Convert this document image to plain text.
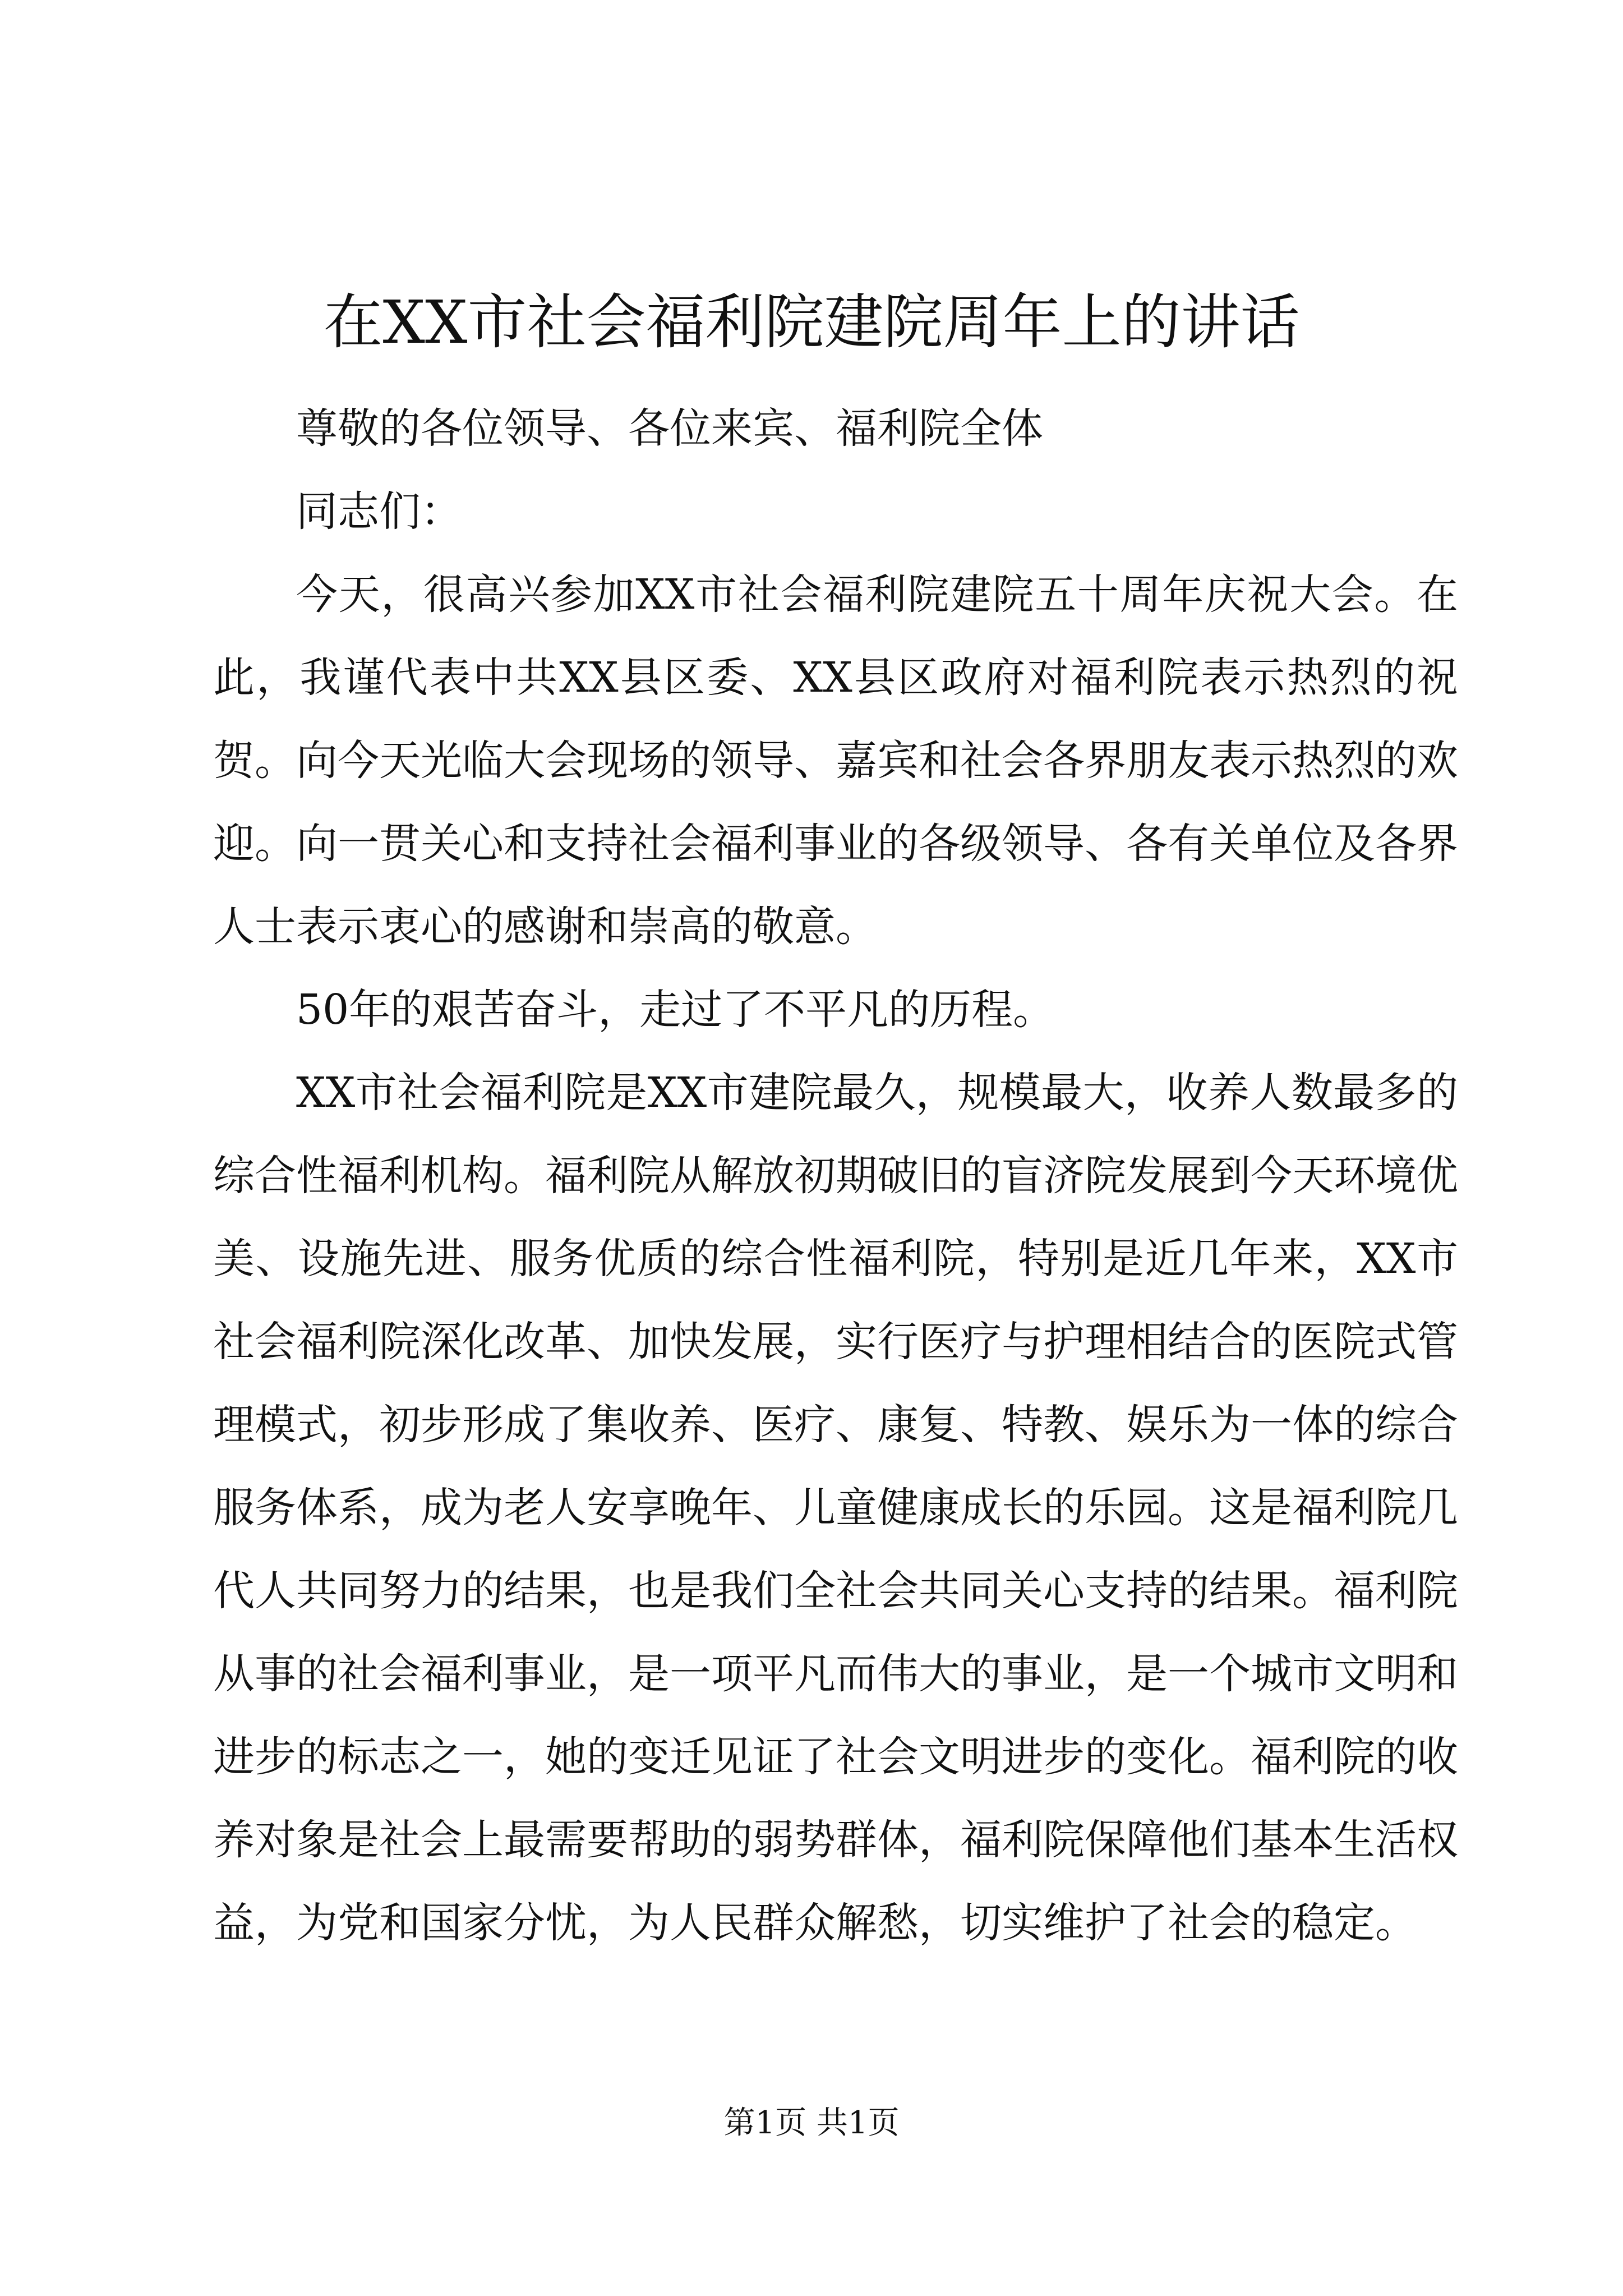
在XX市社会福利院建院周年上的讲话

尊敬的各位领导、各位来宾、福利院全体

同志们：

今天，很高兴参加XX市社会福利院建院五十周年庆祝大会。在此，我谨代表中共XX县区委、XX县区政府对福利院表示热烈的祝贺。向今天光临大会现场的领导、嘉宾和社会各界朋友表示热烈的欢迎。向一贯关心和支持社会福利事业的各级领导、各有关单位及各界人士表示衷心的感谢和崇高的敬意。

50年的艰苦奋斗，走过了不平凡的历程。

XX市社会福利院是XX市建院最久，规模最大，收养人数最多的综合性福利机构。福利院从解放初期破旧的盲济院发展到今天环境优美、设施先进、服务优质的综合性福利院，特别是近几年来，XX市社会福利院深化改革、加快发展，实行医疗与护理相结合的医院式管理模式，初步形成了集收养、医疗、康复、特教、娱乐为一体的综合服务体系，成为老人安享晚年、儿童健康成长的乐园。这是福利院几代人共同努力的结果，也是我们全社会共同关心支持的结果。福利院从事的社会福利事业，是一项平凡而伟大的事业，是一个城市文明和进步的标志之一，她的变迁见证了社会文明进步的变化。福利院的收养对象是社会上最需要帮助的弱势群体，福利院保障他们基本生活权益，为党和国家分忧，为人民群众解愁，切实维护了社会的稳定。

第1页 共1页
